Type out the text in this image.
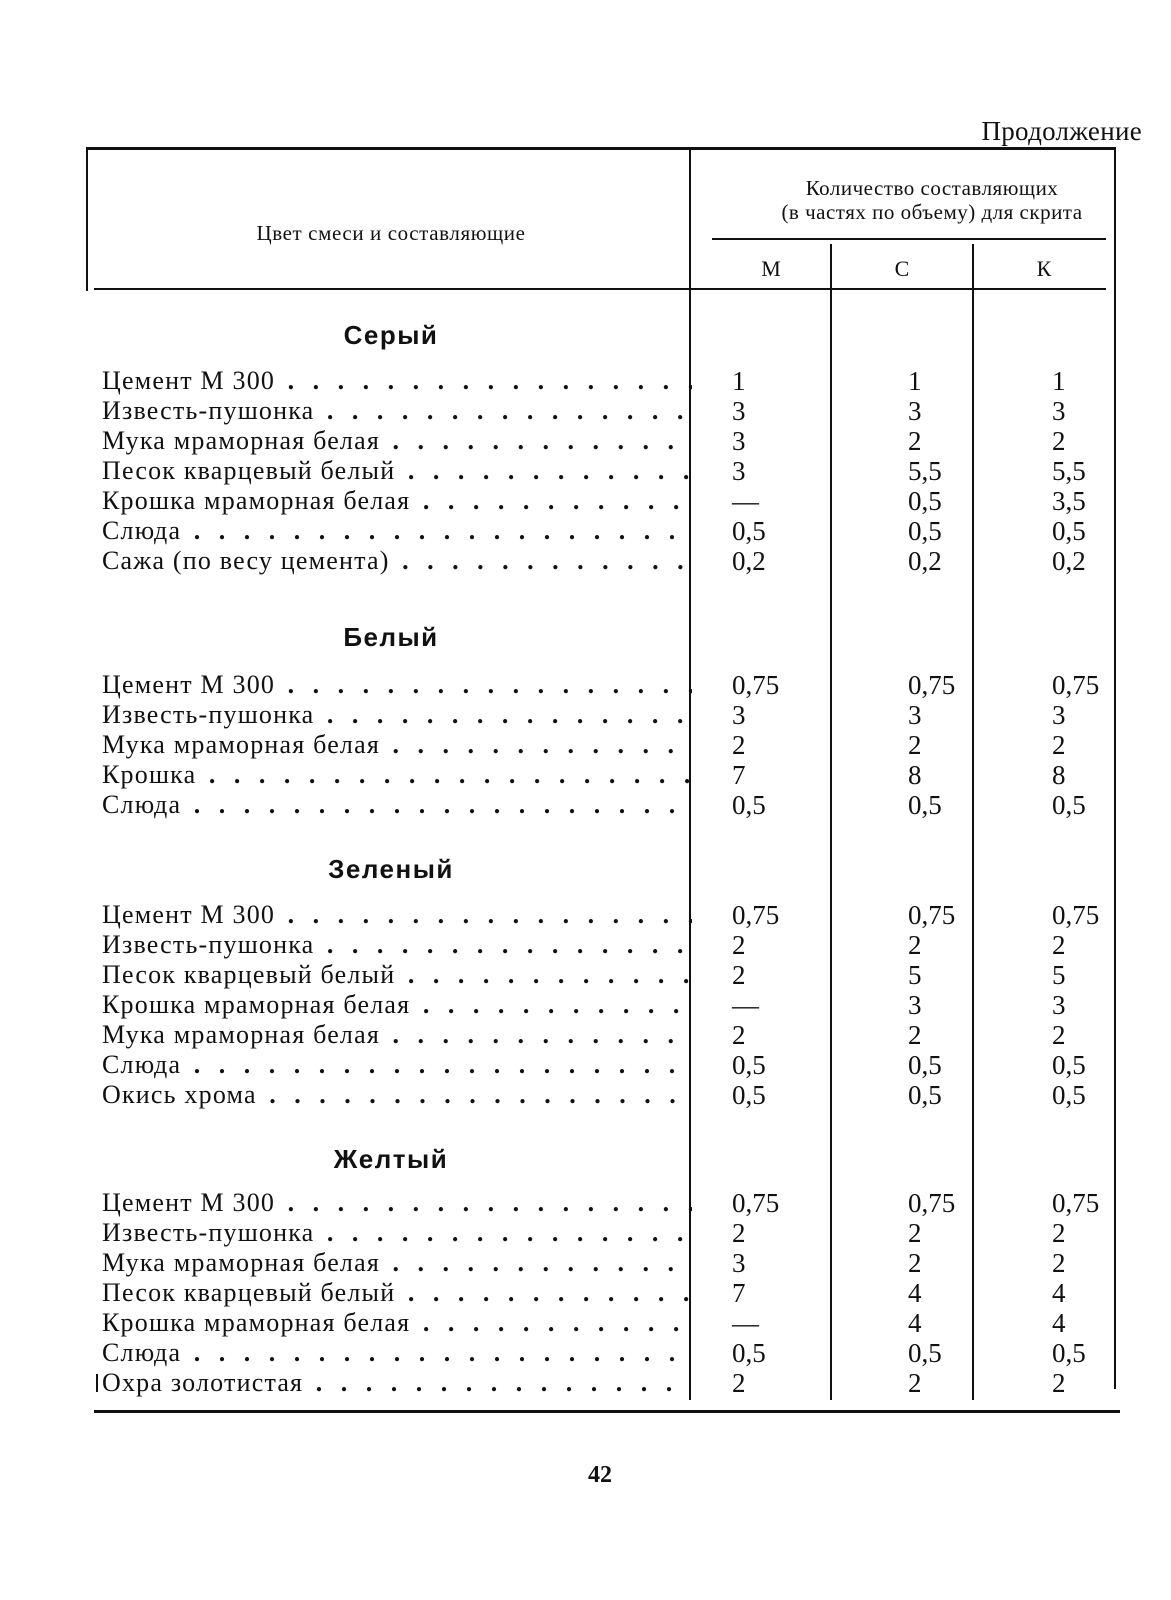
Продолжение
Цвет смеси и составляющие
Количество составляющих
(в частях по объему) для скрита
М	С	К
Серый
Цемент М 300 . . .	1	1	1
Известь-пушонка . . .	3	3	3
Мука мраморная белая . . .	3	2	2
Песок кварцевый белый . . .	3	5,5	5,5
Крошка мраморная белая . . .	—	0,5	3,5
Слюда . . .	0,5	0,5	0,5
Сажа (по весу цемента) . . .	0,2	0,2	0,2
Белый
Цемент М 300 . . .	0,75	0,75	0,75
Известь-пушонка . . .	3	3	3
Мука мраморная белая . . .	2	2	2
Крошка . . .	7	8	8
Слюда . . .	0,5	0,5	0,5
Зеленый
Цемент М 300 . . .	0,75	0,75	0,75
Известь-пушонка . . .	2	2	2
Песок кварцевый белый . . .	2	5	5
Крошка мраморная белая . . .	—	3	3
Мука мраморная белая . . .	2	2	2
Слюда . . .	0,5	0,5	0,5
Окись хрома . . .	0,5	0,5	0,5
Желтый
Цемент М 300 . . .	0,75	0,75	0,75
Известь-пушонка . . .	2	2	2
Мука мраморная белая . . .	3	2	2
Песок кварцевый белый . . .	7	4	4
Крошка мраморная белая . . .	—	4	4
Слюда . . .	0,5	0,5	0,5
Охра золотистая . . .	2	2	2
42
